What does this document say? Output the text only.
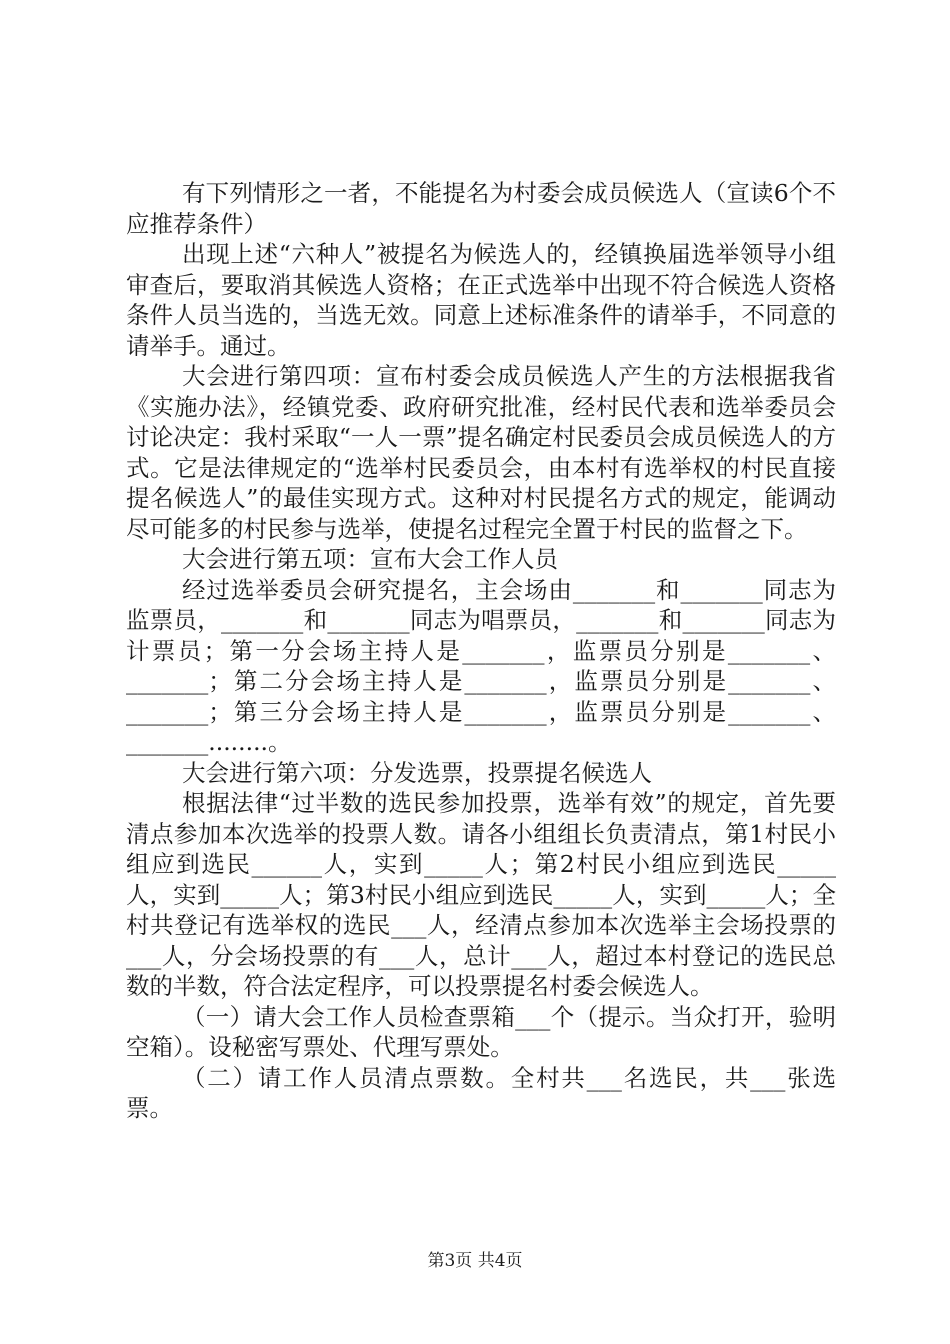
有下列情形之一者，不能提名为村委会成员候选人（宣读6个不应推荐条件）

出现上述“六种人”被提名为候选人的，经镇换届选举领导小组审查后，要取消其候选人资格；在正式选举中出现不符合候选人资格条件人员当选的，当选无效。同意上述标准条件的请举手，不同意的请举手。通过。

大会进行第四项：宣布村委会成员候选人产生的方法根据我省《实施办法》，经镇党委、政府研究批准，经村民代表和选举委员会讨论决定：我村采取“一人一票”提名确定村民委员会成员候选人的方式。它是法律规定的“选举村民委员会，由本村有选举权的村民直接提名候选人”的最佳实现方式。这种对村民提名方式的规定，能调动尽可能多的村民参与选举，使提名过程完全置于村民的监督之下。

大会进行第五项：宣布大会工作人员

经过选举委员会研究提名，主会场由_______和_______同志为监票员，_______和_______同志为唱票员，_______和_______同志为计票员；第一分会场主持人是_______，监票员分别是_______、_______；第二分会场主持人是_______，监票员分别是_______、_______；第三分会场主持人是_______，监票员分别是_______、_______........。

大会进行第六项：分发选票，投票提名候选人

根据法律“过半数的选民参加投票，选举有效”的规定，首先要清点参加本次选举的投票人数。请各小组组长负责清点，第1村民小组应到选民______人，实到_____人；第2村民小组应到选民_____人，实到_____人；第3村民小组应到选民_____人，实到_____人；全村共登记有选举权的选民___人，经清点参加本次选举主会场投票的___人，分会场投票的有___人，总计___人，超过本村登记的选民总数的半数，符合法定程序，可以投票提名村委会候选人。

（一）请大会工作人员检查票箱___个（提示。当众打开，验明空箱）。设秘密写票处、代理写票处。

（二）请工作人员清点票数。全村共___名选民，共___张选票。

第3页 共4页
